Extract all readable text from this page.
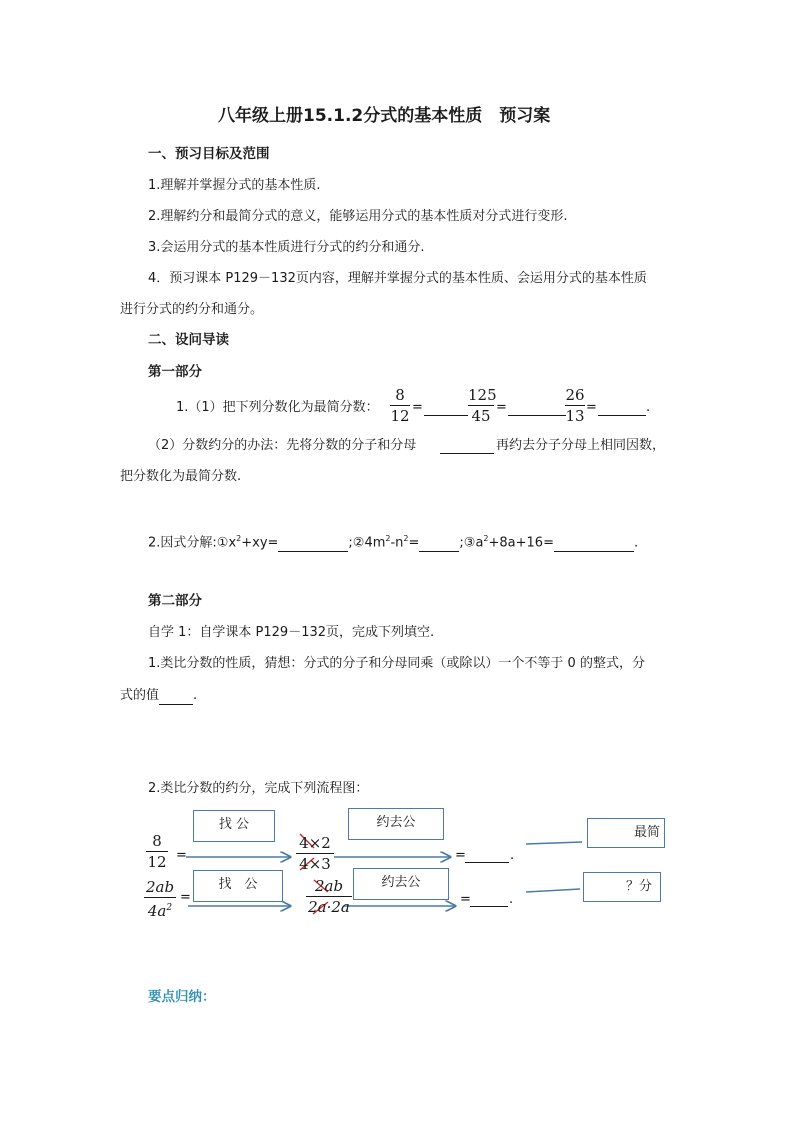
八年级上册15.1.2分式的基本性质　预习案
一、预习目标及范围
1.理解并掌握分式的基本性质.
2.理解约分和最简分式的意义，能够运用分式的基本性质对分式进行变形.
3.会运用分式的基本性质进行分式的约分和通分.
4．预习课本 P129－132页内容，理解并掌握分式的基本性质、会运用分式的基本性质
进行分式的约分和通分。
二、设问导读
第一部分
1.（1）把下列分数化为最简分数：
8
12 =
125
45 =
26
13 =	.
（2）分数约分的办法：先将分数的分子和分母	再约去分子分母上相同因数，
把分数化为最简分数.
2.因式分解$:①x^2+xy=$	$;②4m^2-n^2=$	$;③a^2+8a+16=$	.
第二部分
自学 1：自学课本 P129－132页，完成下列填空.
1.类比分数的性质，猜想：分式的分子和分母同乘（或除以）一个不等于 0 的整式，分
式的值	.
2.类比分数的约分，完成下列流程图：
8
12 =
找 公
4×2
4×3
约去公
=	.
最简
2ab
$4a^2$
=
找　公	2ab
2a·2a
约去公
=	.
？分
要点归纳：
